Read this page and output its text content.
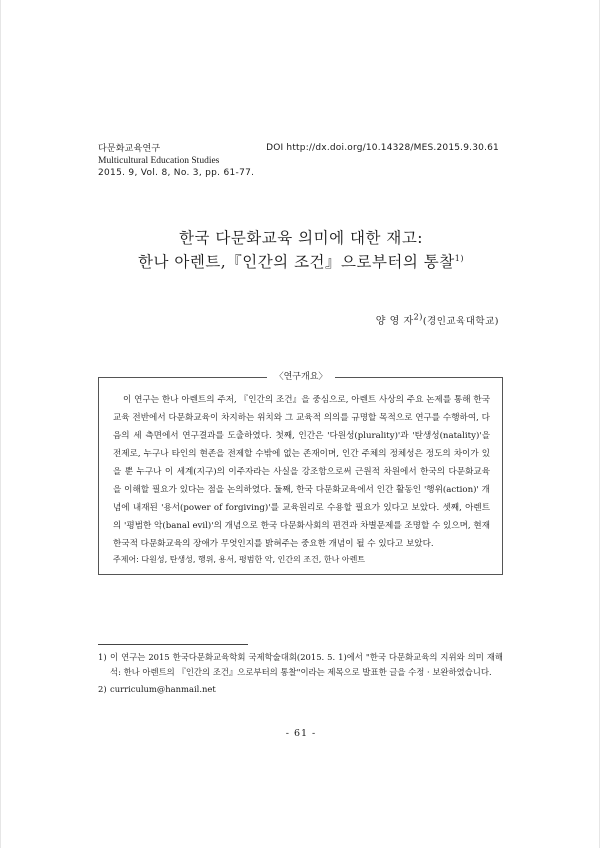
다문화교육연구
Multicultural Education Studies
2015. 9, Vol. 8, No. 3, pp. 61-77.
DOI http://dx.doi.org/10.14328/MES.2015.9.30.61
한국 다문화교육 의미에 대한 재고:
한나 아렌트,『인간의 조건』으로부터의 통찰$^{1)}$
양 영 자$^{2)}$(경인교육대학교)
〈연구개요〉
이 연구는 한나 아렌트의 주저, 『인간의 조건』을 중심으로, 아렌트 사상의 주요 논제를 통해 한국 교육 전반에서 다문화교육이 차지하는 위치와 그 교육적 의의를 규명할 목적으로 연구를 수행하여, 다음의 세 측면에서 연구결과를 도출하였다. 첫째, 인간은 '다원성(plurality)'과 '탄생성(natality)'을 전제로, 누구나 타인의 현존을 전제할 수밖에 없는 존재이며, 인간 주체의 정체성은 정도의 차이가 있을 뿐 누구나 이 세계(지구)의 이주자라는 사실을 강조함으로써 근원적 차원에서 한국의 다문화교육을 이해할 필요가 있다는 점을 논의하였다. 둘째, 한국 다문화교육에서 인간 활동인 '행위(action)' 개념에 내재된 '용서(power of forgiving)'를 교육원리로 수용할 필요가 있다고 보았다. 셋째, 아렌트의 '평범한 악(banal evil)'의 개념으로 한국 다문화사회의 편견과 차별문제를 조명할 수 있으며, 현재 한국적 다문화교육의 장애가 무엇인지를 밝혀주는 중요한 개념이 될 수 있다고 보았다.
주제어: 다원성, 탄생성, 행위, 용서, 평범한 악, 인간의 조건, 한나 아렌트
1) 이 연구는 2015 한국다문화교육학회 국제학술대회(2015. 5. 1)에서 "한국 다문화교육의 지위와 의미 재해석: 한나 아렌트의 『인간의 조건』으로부터의 통찰"이라는 제목으로 발표한 글을 수정 · 보완하였습니다.
2) curriculum@hanmail.net
- 61 -
